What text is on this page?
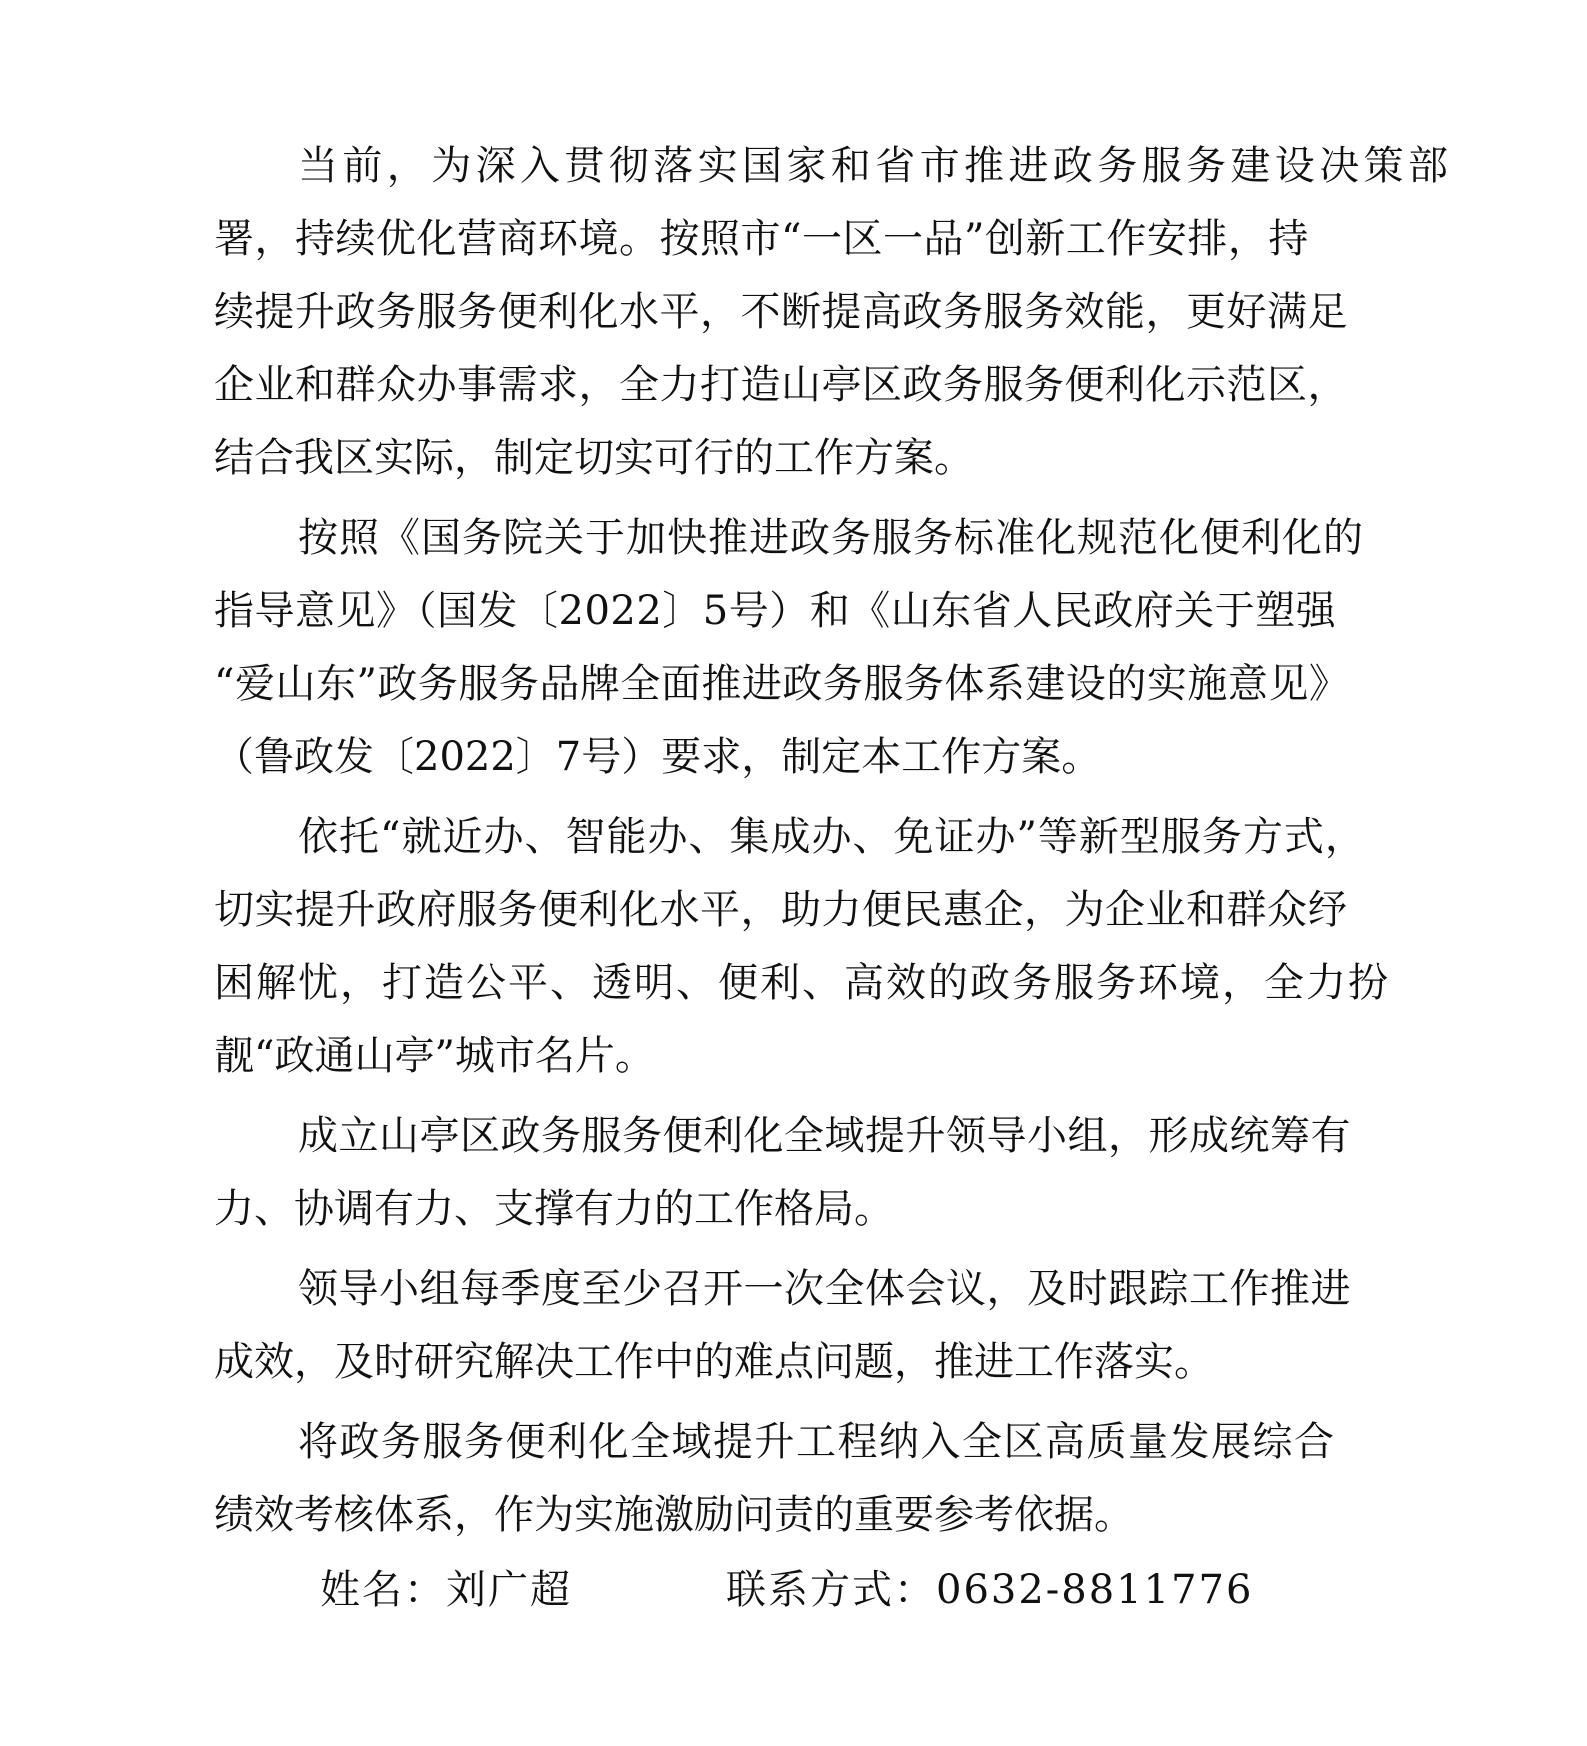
当前，为深入贯彻落实国家和省市推进政务服务建设决策部
署，持续优化营商环境。按照市“一区一品”创新工作安排，持
续提升政务服务便利化水平，不断提高政务服务效能，更好满足
企业和群众办事需求，全力打造山亭区政务服务便利化示范区，
结合我区实际，制定切实可行的工作方案。
按照《国务院关于加快推进政务服务标准化规范化便利化的
指导意见》（国发〔2022〕5号）和《山东省人民政府关于塑强
“爱山东”政务服务品牌全面推进政务服务体系建设的实施意见》
（鲁政发〔2022〕7号）要求，制定本工作方案。
依托“就近办、智能办、集成办、免证办”等新型服务方式，
切实提升政府服务便利化水平，助力便民惠企，为企业和群众纾
困解忧，打造公平、透明、便利、高效的政务服务环境，全力扮
靓“政通山亭”城市名片。
成立山亭区政务服务便利化全域提升领导小组，形成统筹有
力、协调有力、支撑有力的工作格局。
领导小组每季度至少召开一次全体会议，及时跟踪工作推进
成效，及时研究解决工作中的难点问题，推进工作落实。
将政务服务便利化全域提升工程纳入全区高质量发展综合
绩效考核体系，作为实施激励问责的重要参考依据。
姓名：刘广超	联系方式：0632-8811776
